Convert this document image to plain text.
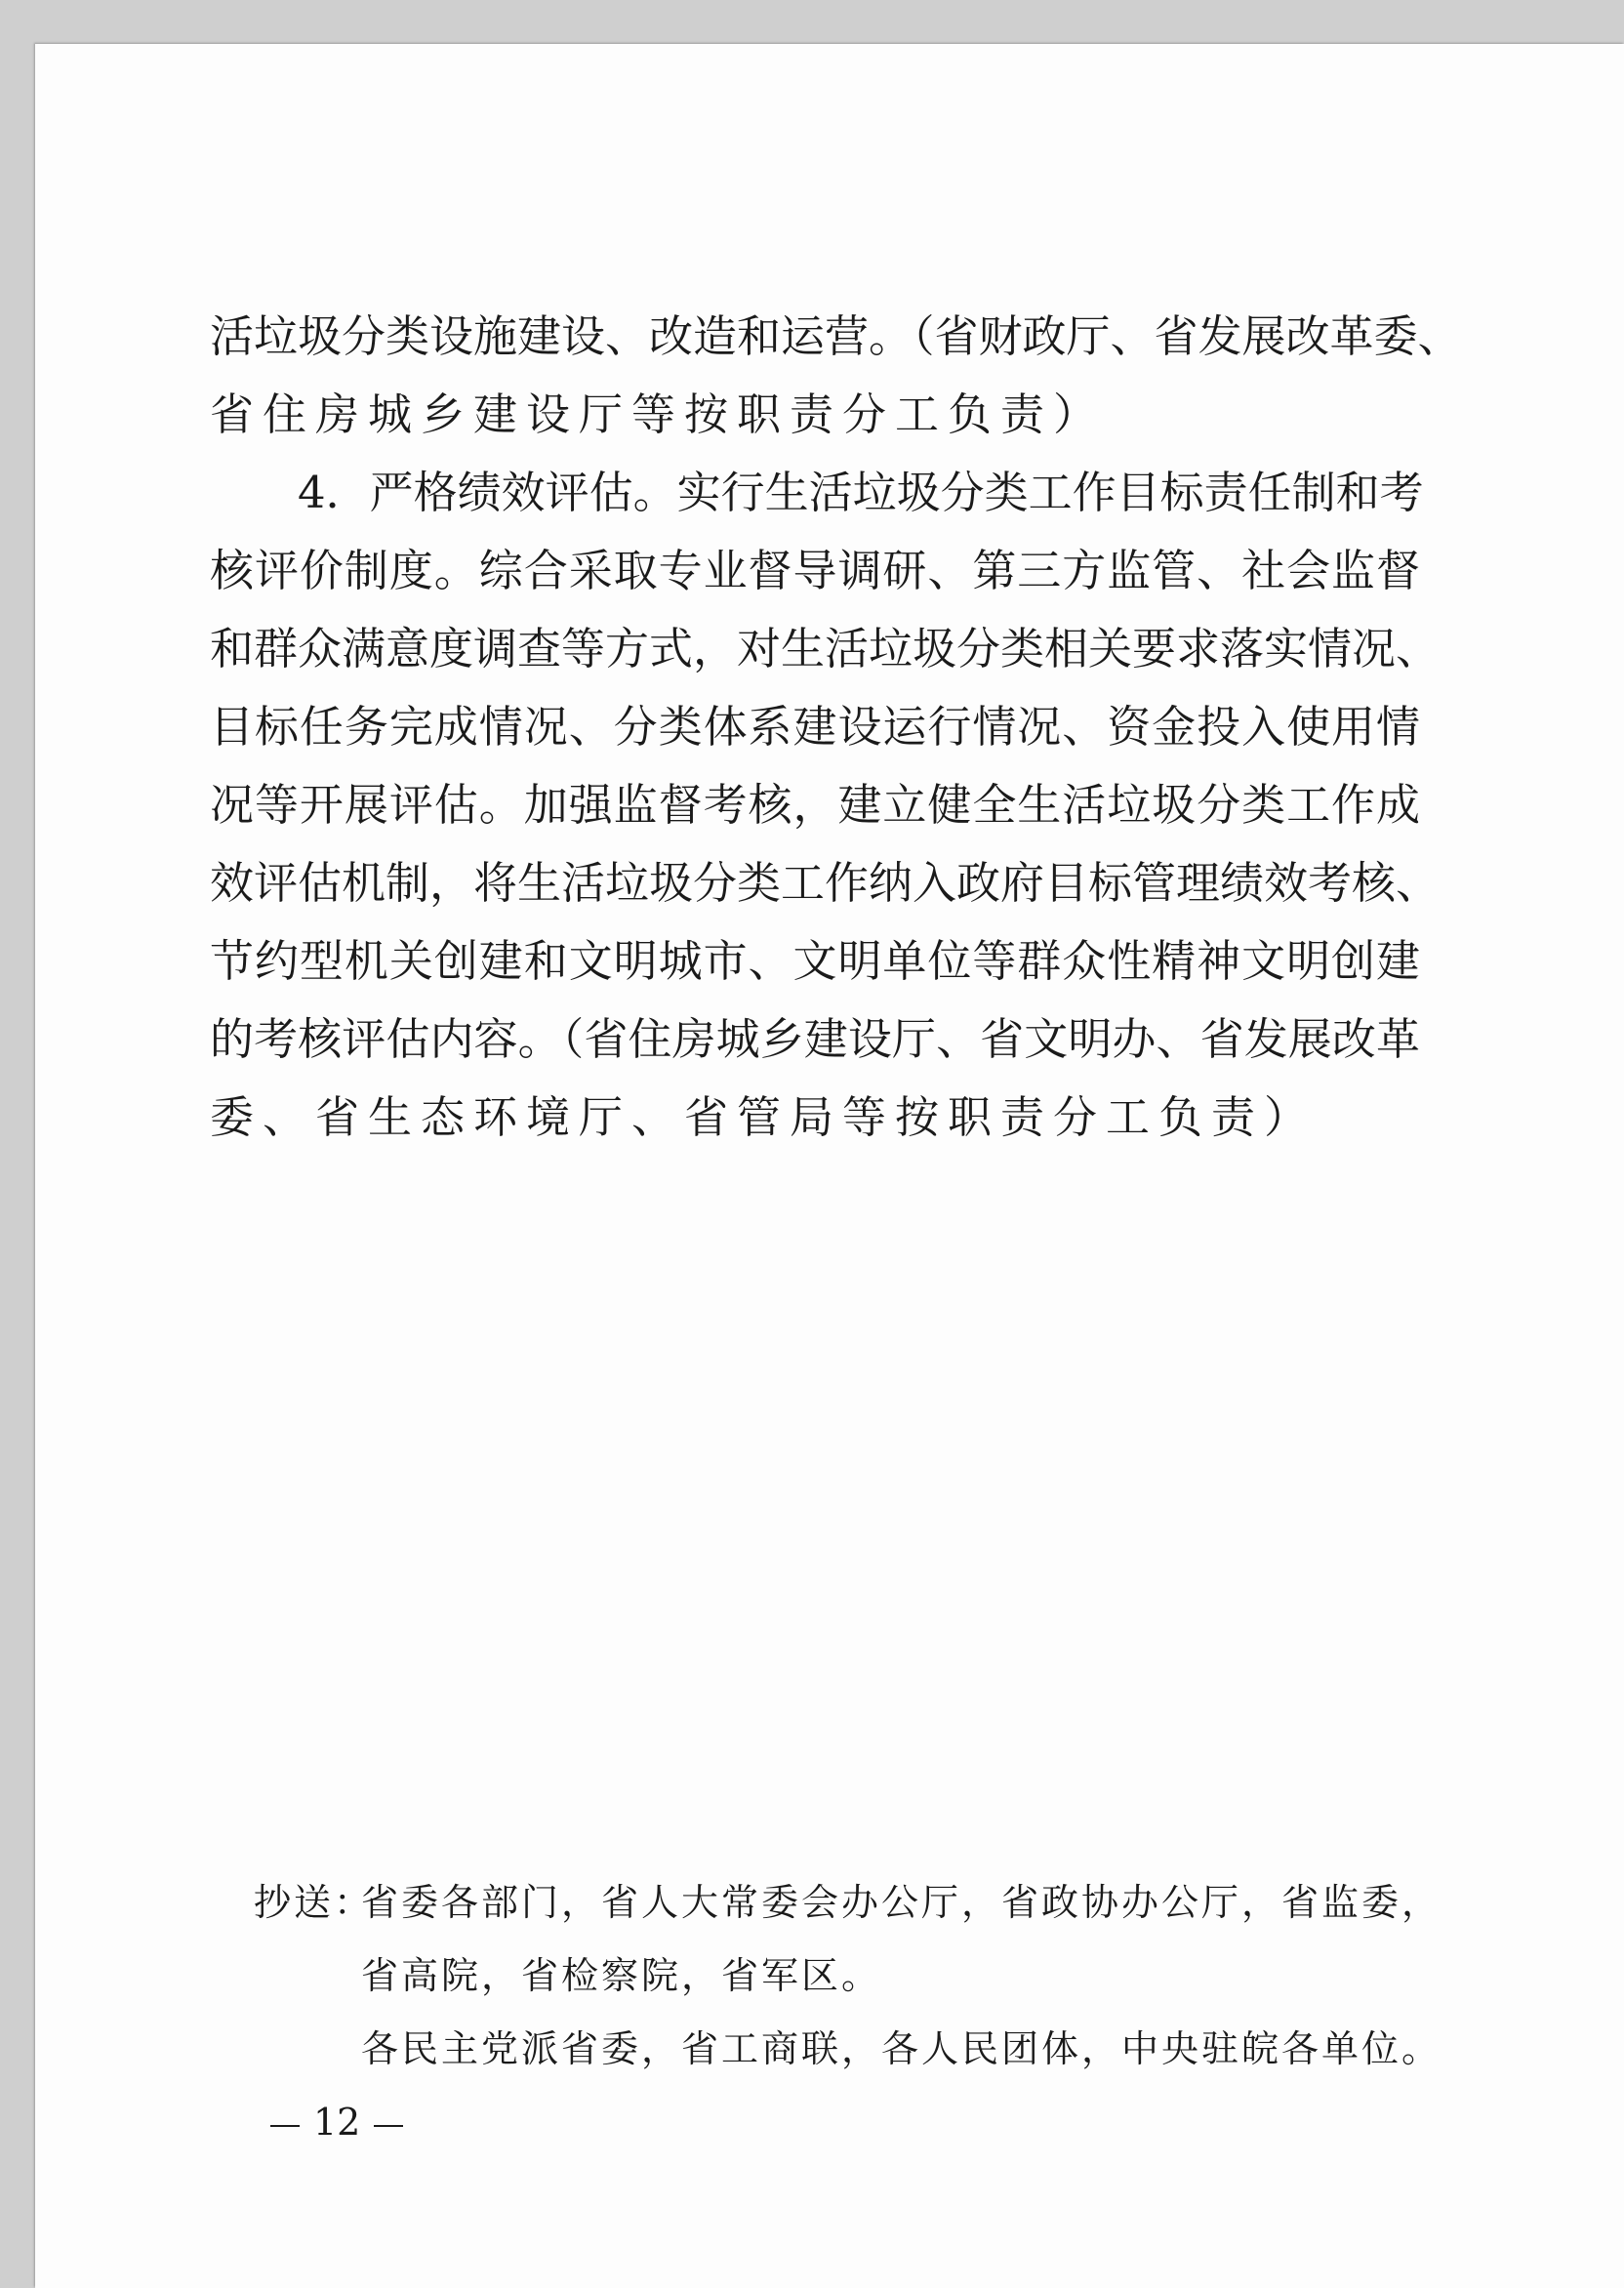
活垃圾分类设施建设、改造和运营。（省财政厅、省发展改革委、
省住房城乡建设厅等按职责分工负责）
4．严格绩效评估。实行生活垃圾分类工作目标责任制和考
核评价制度。综合采取专业督导调研、第三方监管、社会监督
和群众满意度调查等方式，对生活垃圾分类相关要求落实情况、
目标任务完成情况、分类体系建设运行情况、资金投入使用情
况等开展评估。加强监督考核，建立健全生活垃圾分类工作成
效评估机制，将生活垃圾分类工作纳入政府目标管理绩效考核、
节约型机关创建和文明城市、文明单位等群众性精神文明创建
的考核评估内容。（省住房城乡建设厅、省文明办、省发展改革
委、省生态环境厅、省管局等按职责分工负责）
抄送：
省委各部门，省人大常委会办公厅，省政协办公厅，省监委，
省高院，省检察院，省军区。
各民主党派省委，省工商联，各人民团体，中央驻皖各单位。
12
